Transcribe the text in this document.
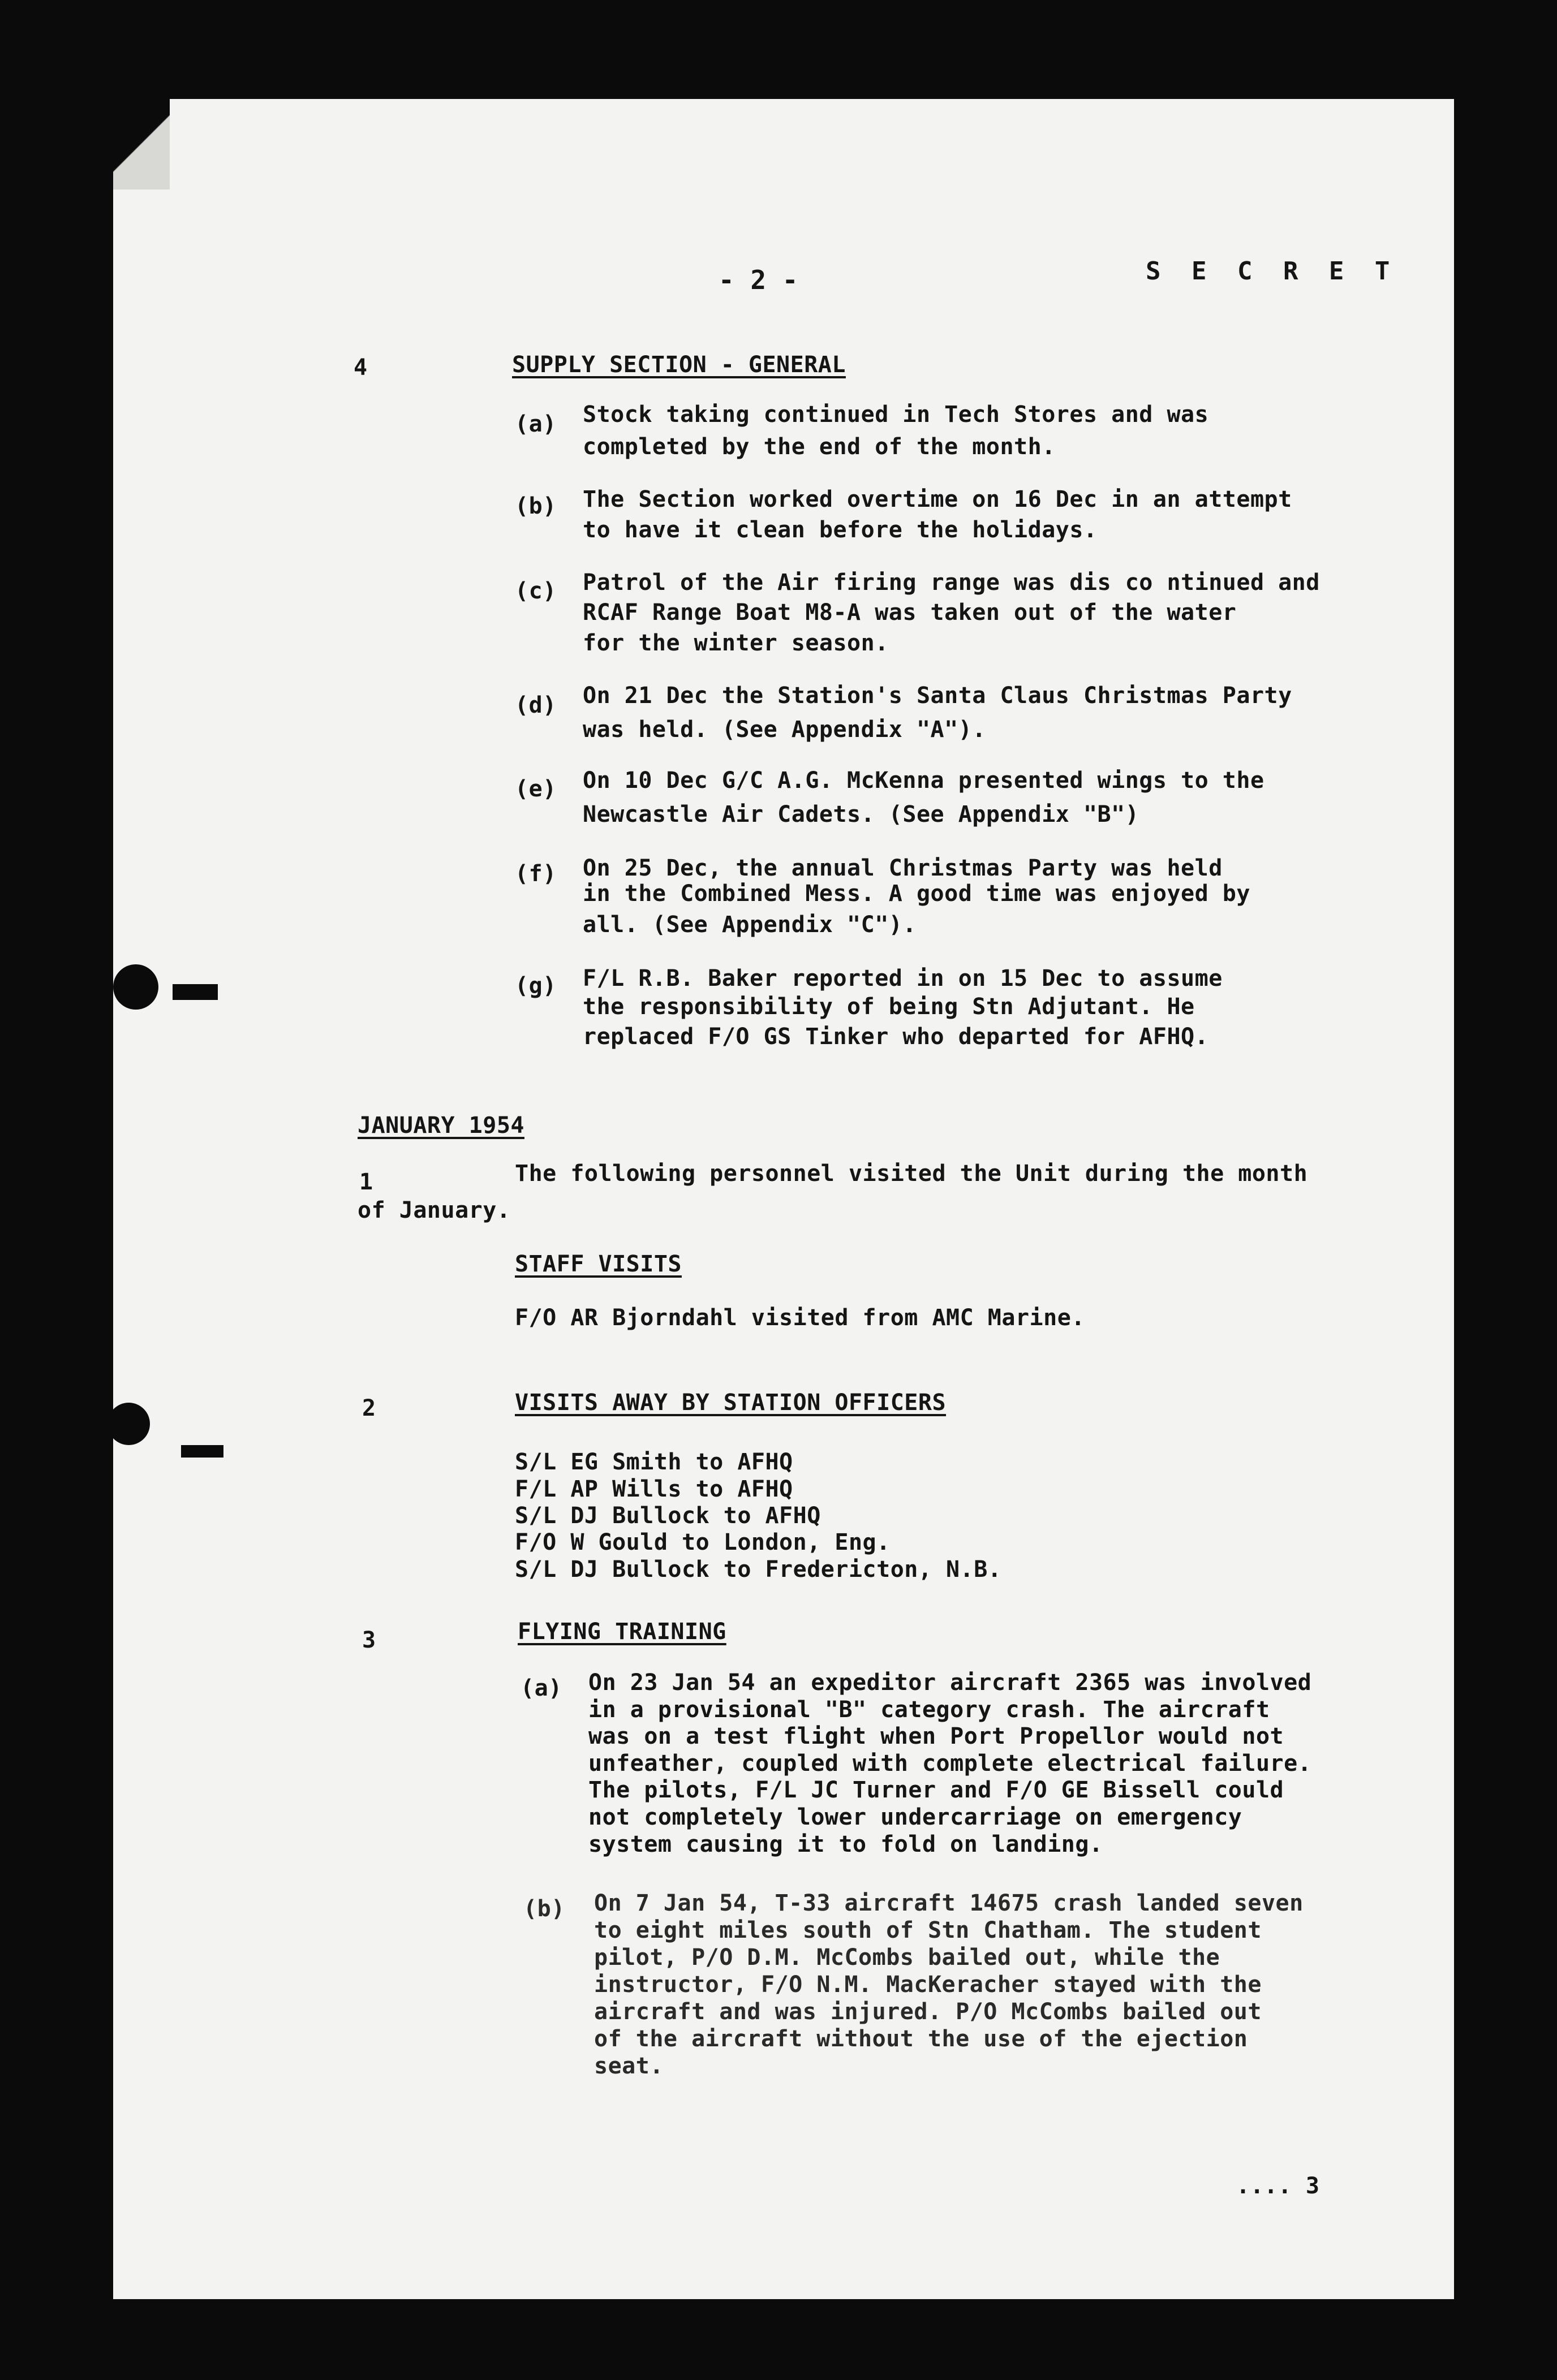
- 2 -	S E C R E T
4	SUPPLY SECTION - GENERAL
(a) Stock taking continued in Tech Stores and was
completed by the end of the month.
(b) The Section worked overtime on 16 Dec in an attempt
to have it clean before the holidays.
(c) Patrol of the Air firing range was dis co ntinued and
RCAF Range Boat M8-A was taken out of the water
for the winter season.
(d) On 21 Dec the Station's Santa Claus Christmas Party
was held. (See Appendix "A").
(e) On 10 Dec G/C A.G. McKenna presented wings to the
Newcastle Air Cadets. (See Appendix "B")
(f) On 25 Dec, the annual Christmas Party was held
in the Combined Mess. A good time was enjoyed by
all. (See Appendix "C").
(g) F/L R.B. Baker reported in on 15 Dec to assume
the responsibility of being Stn Adjutant. He
replaced F/O GS Tinker who departed for AFHQ.
JANUARY 1954
1	The following personnel visited the Unit during the month
of January.
STAFF VISITS
F/O AR Bjorndahl visited from AMC Marine.
2	VISITS AWAY BY STATION OFFICERS
S/L EG Smith to AFHQ
F/L AP Wills to AFHQ
S/L DJ Bullock to AFHQ
F/O W Gould to London, Eng.
S/L DJ Bullock to Fredericton, N.B.
3	FLYING TRAINING
(a) On 23 Jan 54 an expeditor aircraft 2365 was involved
in a provisional "B" category crash. The aircraft
was on a test flight when Port Propellor would not
unfeather, coupled with complete electrical failure.
The pilots, F/L JC Turner and F/O GE Bissell could
not completely lower undercarriage on emergency
system causing it to fold on landing.
(b) On 7 Jan 54, T-33 aircraft 14675 crash landed seven
to eight miles south of Stn Chatham. The student
pilot, P/O D.M. McCombs bailed out, while the
instructor, F/O N.M. MacKeracher stayed with the
aircraft and was injured. P/O McCombs bailed out
of the aircraft without the use of the ejection
seat.
.... 3
